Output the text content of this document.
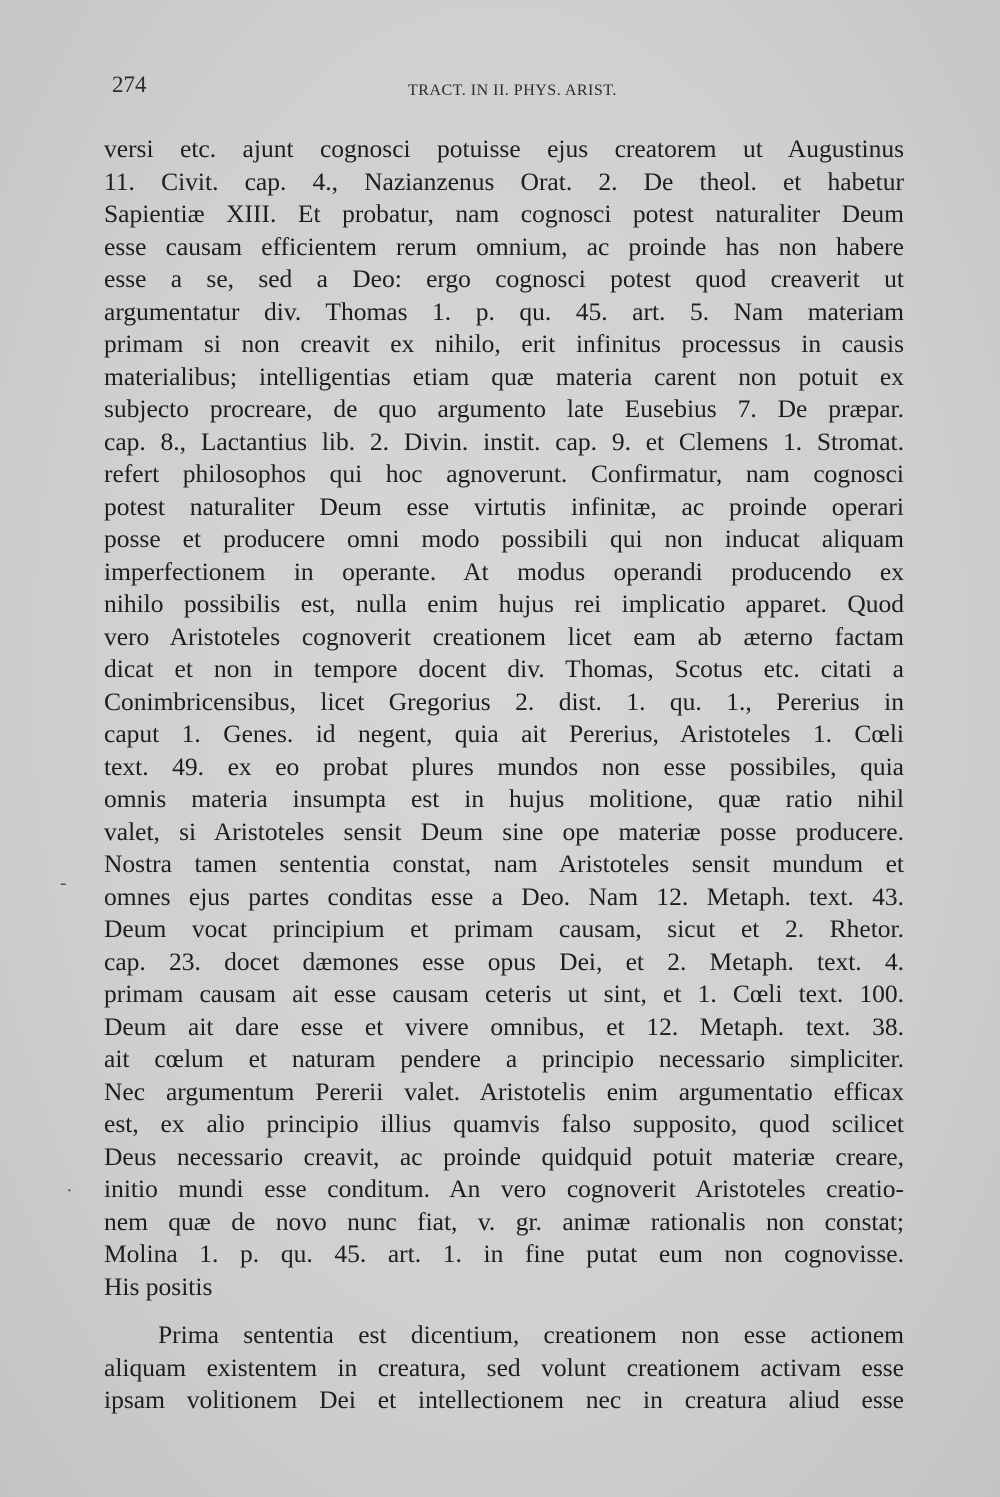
274	TRACT. IN II. PHYS. ARIST.
versi etc. ajunt cognosci potuisse ejus creatorem ut Augustinus
11. Civit. cap. 4., Nazianzenus Orat. 2. De theol. et habetur
Sapientiæ XIII. Et probatur, nam cognosci potest naturaliter Deum
esse causam efficientem rerum omnium, ac proinde has non habere
esse a se, sed a Deo: ergo cognosci potest quod creaverit ut
argumentatur div. Thomas 1. p. qu. 45. art. 5. Nam materiam
primam si non creavit ex nihilo, erit infinitus processus in causis
materialibus; intelligentias etiam quæ materia carent non potuit ex
subjecto procreare, de quo argumento late Eusebius 7. De præpar.
cap. 8., Lactantius lib. 2. Divin. instit. cap. 9. et Clemens 1. Stromat.
refert philosophos qui hoc agnoverunt. Confirmatur, nam cognosci
potest naturaliter Deum esse virtutis infinitæ, ac proinde operari
posse et producere omni modo possibili qui non inducat aliquam
imperfectionem in operante. At modus operandi producendo ex
nihilo possibilis est, nulla enim hujus rei implicatio apparet. Quod
vero Aristoteles cognoverit creationem licet eam ab æterno factam
dicat et non in tempore docent div. Thomas, Scotus etc. citati a
Conimbricensibus, licet Gregorius 2. dist. 1. qu. 1., Pererius in
caput 1. Genes. id negent, quia ait Pererius, Aristoteles 1. Cœli
text. 49. ex eo probat plures mundos non esse possibiles, quia
omnis materia insumpta est in hujus molitione, quæ ratio nihil
valet, si Aristoteles sensit Deum sine ope materiæ posse producere.
Nostra tamen sententia constat, nam Aristoteles sensit mundum et
omnes ejus partes conditas esse a Deo. Nam 12. Metaph. text. 43.
Deum vocat principium et primam causam, sicut et 2. Rhetor.
cap. 23. docet dæmones esse opus Dei, et 2. Metaph. text. 4.
primam causam ait esse causam ceteris ut sint, et 1. Cœli text. 100.
Deum ait dare esse et vivere omnibus, et 12. Metaph. text. 38.
ait cœlum et naturam pendere a principio necessario simpliciter.
Nec argumentum Pererii valet. Aristotelis enim argumentatio efficax
est, ex alio principio illius quamvis falso supposito, quod scilicet
Deus necessario creavit, ac proinde quidquid potuit materiæ creare,
initio mundi esse conditum. An vero cognoverit Aristoteles creatio-
nem quæ de novo nunc fiat, v. gr. animæ rationalis non constat;
Molina 1. p. qu. 45. art. 1. in fine putat eum non cognovisse.
His positis
Prima sententia est dicentium, creationem non esse actionem
aliquam existentem in creatura, sed volunt creationem activam esse
ipsam volitionem Dei et intellectionem nec in creatura aliud esse
-
·
